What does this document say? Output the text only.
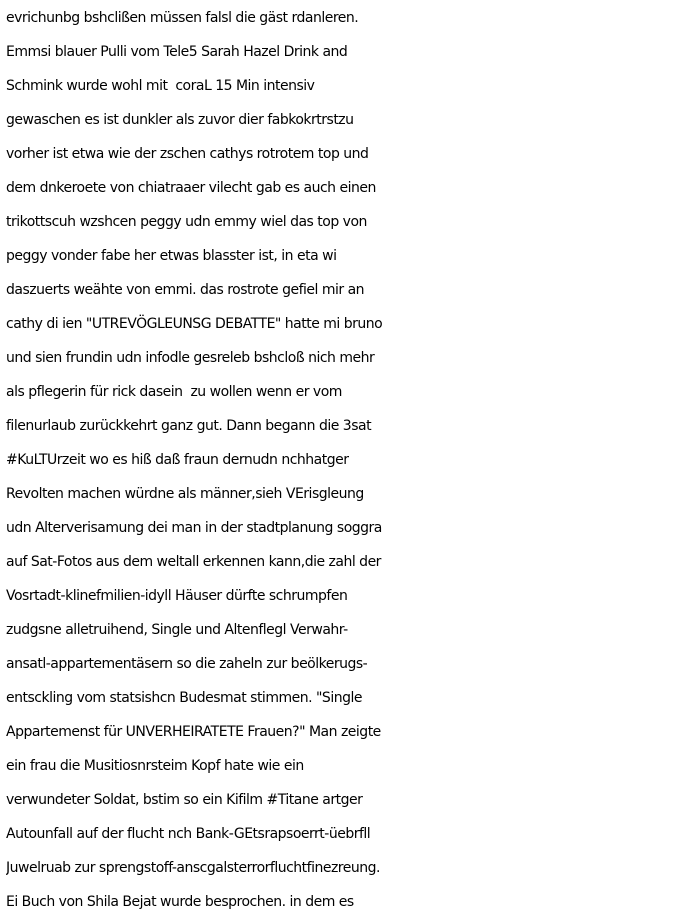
evrichunbg bshclißen müssen falsl die gäst rdanleren.
Emmsi blauer Pulli vom Tele5 Sarah Hazel Drink and
Schmink wurde wohl mit  coraL 15 Min intensiv
gewaschen es ist dunkler als zuvor dier fabkokrtrstzu
vorher ist etwa wie der zschen cathys rotrotem top und
dem dnkeroete von chiatraaer vilecht gab es auch einen
trikottscuh wzshcen peggy udn emmy wiel das top von
peggy vonder fabe her etwas blasster ist, in eta wi
daszuerts weähte von emmi. das rostrote gefiel mir an
cathy di ien "UTREVÖGLEUNSG DEBATTE" hatte mi bruno
und sien frundin udn infodle gesreleb bshcloß nich mehr
als pflegerin für rick dasein  zu wollen wenn er vom
filenurlaub zurückkehrt ganz gut. Dann begann die 3sat
#KuLTUrzeit wo es hiß daß fraun dernudn nchhatger
Revolten machen würdne als männer,sieh VErisgleung
udn Alterverisamung dei man in der stadtplanung soggra
auf Sat-Fotos aus dem weltall erkennen kann,die zahl der
Vosrtadt-klinefmilien-idyll Häuser dürfte schrumpfen
zudgsne alletruihend, Single und Altenflegl Verwahr-
ansatl-appartementäsern so die zaheln zur beölkerugs-
entsckling vom statsishcn Budesmat stimmen. "Single
Appartemenst für UNVERHEIRATETE Frauen?" Man zeigte
ein frau die Musitiosnrsteim Kopf hate wie ein
verwundeter Soldat, bstim so ein Kifilm #Titane artger
Autounfall auf der flucht nch Bank-GEtsrapsoerrt-üebrfll
Juwelruab zur sprengstoff-anscgalsterrorfluchtfinezreung.
Ei Buch von Shila Bejat wurde besprochen. in dem es
